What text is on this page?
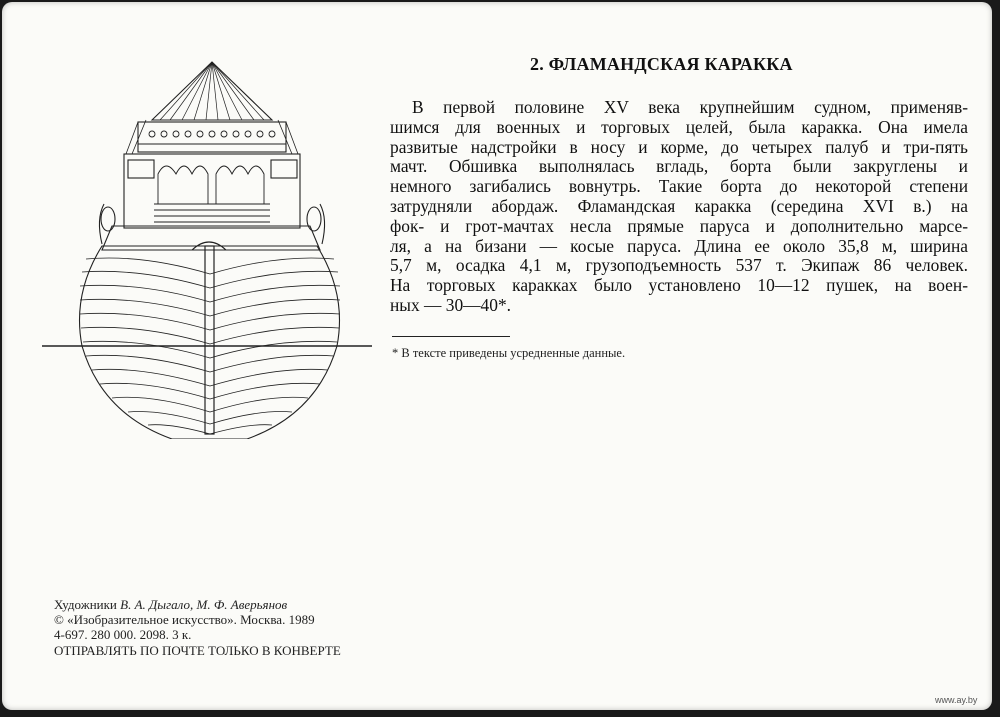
2. ФЛАМАНДСКАЯ КАРАККА

В первой половине XV века крупнейшим судном, применяв-
шимся для военных и торговых целей, была каракка. Она имела
развитые надстройки в носу и корме, до четырех палуб и три-пять
мачт. Обшивка выполнялась вгладь, борта были закруглены и
немного загибались вовнутрь. Такие борта до некоторой степени
затрудняли абордаж. Фламандская каракка (середина XVI в.) на
фок- и грот-мачтах несла прямые паруса и дополнительно марсе-
ля, а на бизани — косые паруса. Длина ее около 35,8 м, ширина
5,7 м, осадка 4,1 м, грузоподъемность 537 т. Экипаж 86 человек.
На торговых каракках было установлено 10—12 пушек, на воен-
ных — 30—40*.

* В тексте приведены усредненные данные.
Художники В. А. Дыгало, М. Ф. Аверьянов
© «Изобразительное искусство». Москва. 1989
4-697. 280 000. 2098. 3 к.
ОТПРАВЛЯТЬ ПО ПОЧТЕ ТОЛЬКО В КОНВЕРТЕ
www.ay.by
